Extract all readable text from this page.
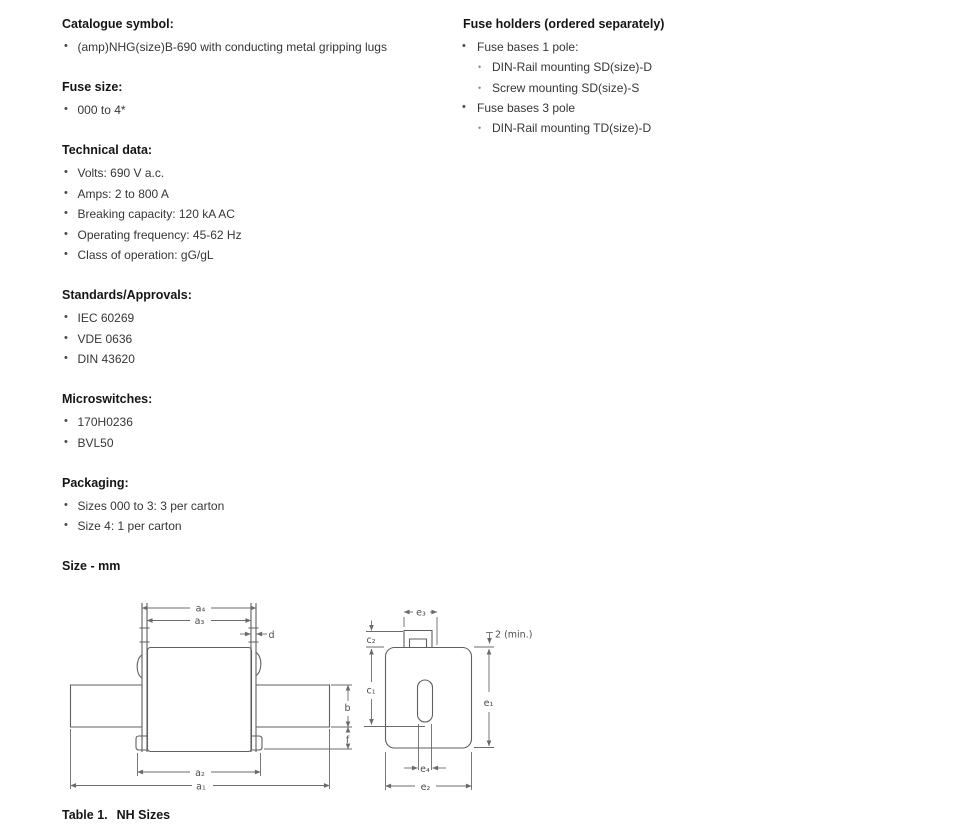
Catalogue symbol:
• (amp)NHG(size)B-690 with conducting metal gripping lugs
Fuse size:
• 000 to 4*
Technical data:
• Volts: 690 V a.c.
• Amps: 2 to 800 A
• Breaking capacity: 120 kA AC
• Operating frequency: 45-62 Hz
• Class of operation: gG/gL
Standards/Approvals:
• IEC 60269
• VDE 0636
• DIN 43620
Microswitches:
• 170H0236
• BVL50
Packaging:
• Sizes 000 to 3: 3 per carton
• Size 4: 1 per carton
Size - mm
Fuse holders (ordered separately)
• Fuse bases 1 pole:
• DIN-Rail mounting SD(size)-D
• Screw mounting SD(size)-S
• Fuse bases 3 pole
• DIN-Rail mounting TD(size)-D
a₄
a₃
d
b
f
a₂
a₁
e₃
c₂
c₁
e₄
e₂
e₁
2 (min.)

Table 1. NH Sizes
